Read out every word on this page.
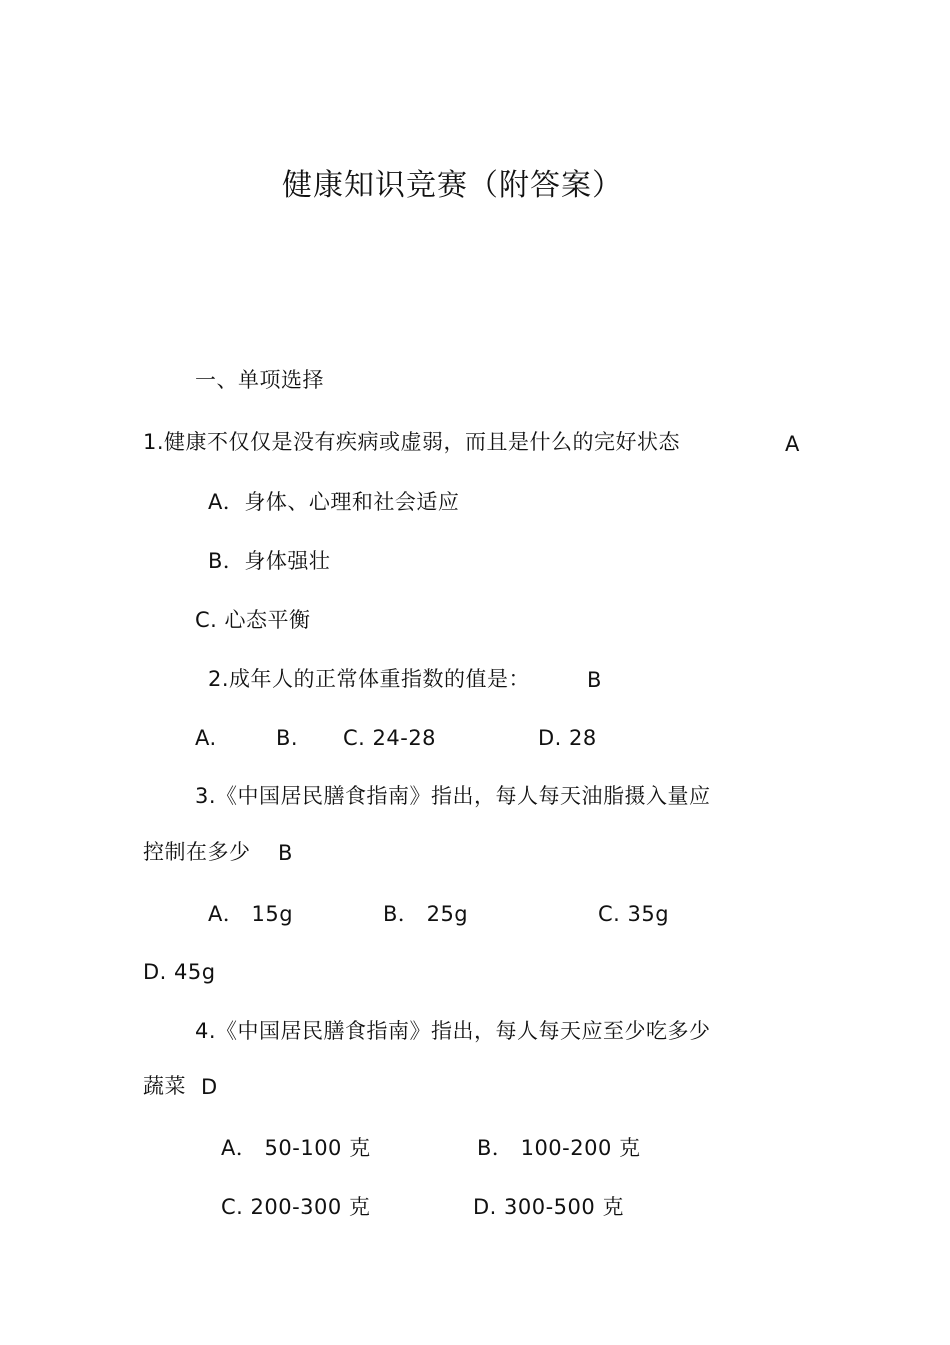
健康知识竞赛（附答案）
一、单项选择
1.健康不仅仅是没有疾病或虚弱，而且是什么的完好状态	A
A．身体、心理和社会适应
B．身体强壮
C. 心态平衡
2.成年人的正常体重指数的值是：	B
A.	B. C. 24-28	D. 28
3.《中国居民膳食指南》指出，每人每天油脂摄入量应
控制在多少 B
A． 15g	B． 25g	C. 35g
D. 45g
4.《中国居民膳食指南》指出，每人每天应至少吃多少
蔬菜 D
A． 50-100 克	B． 100-200 克
C. 200-300 克	D. 300-500 克
